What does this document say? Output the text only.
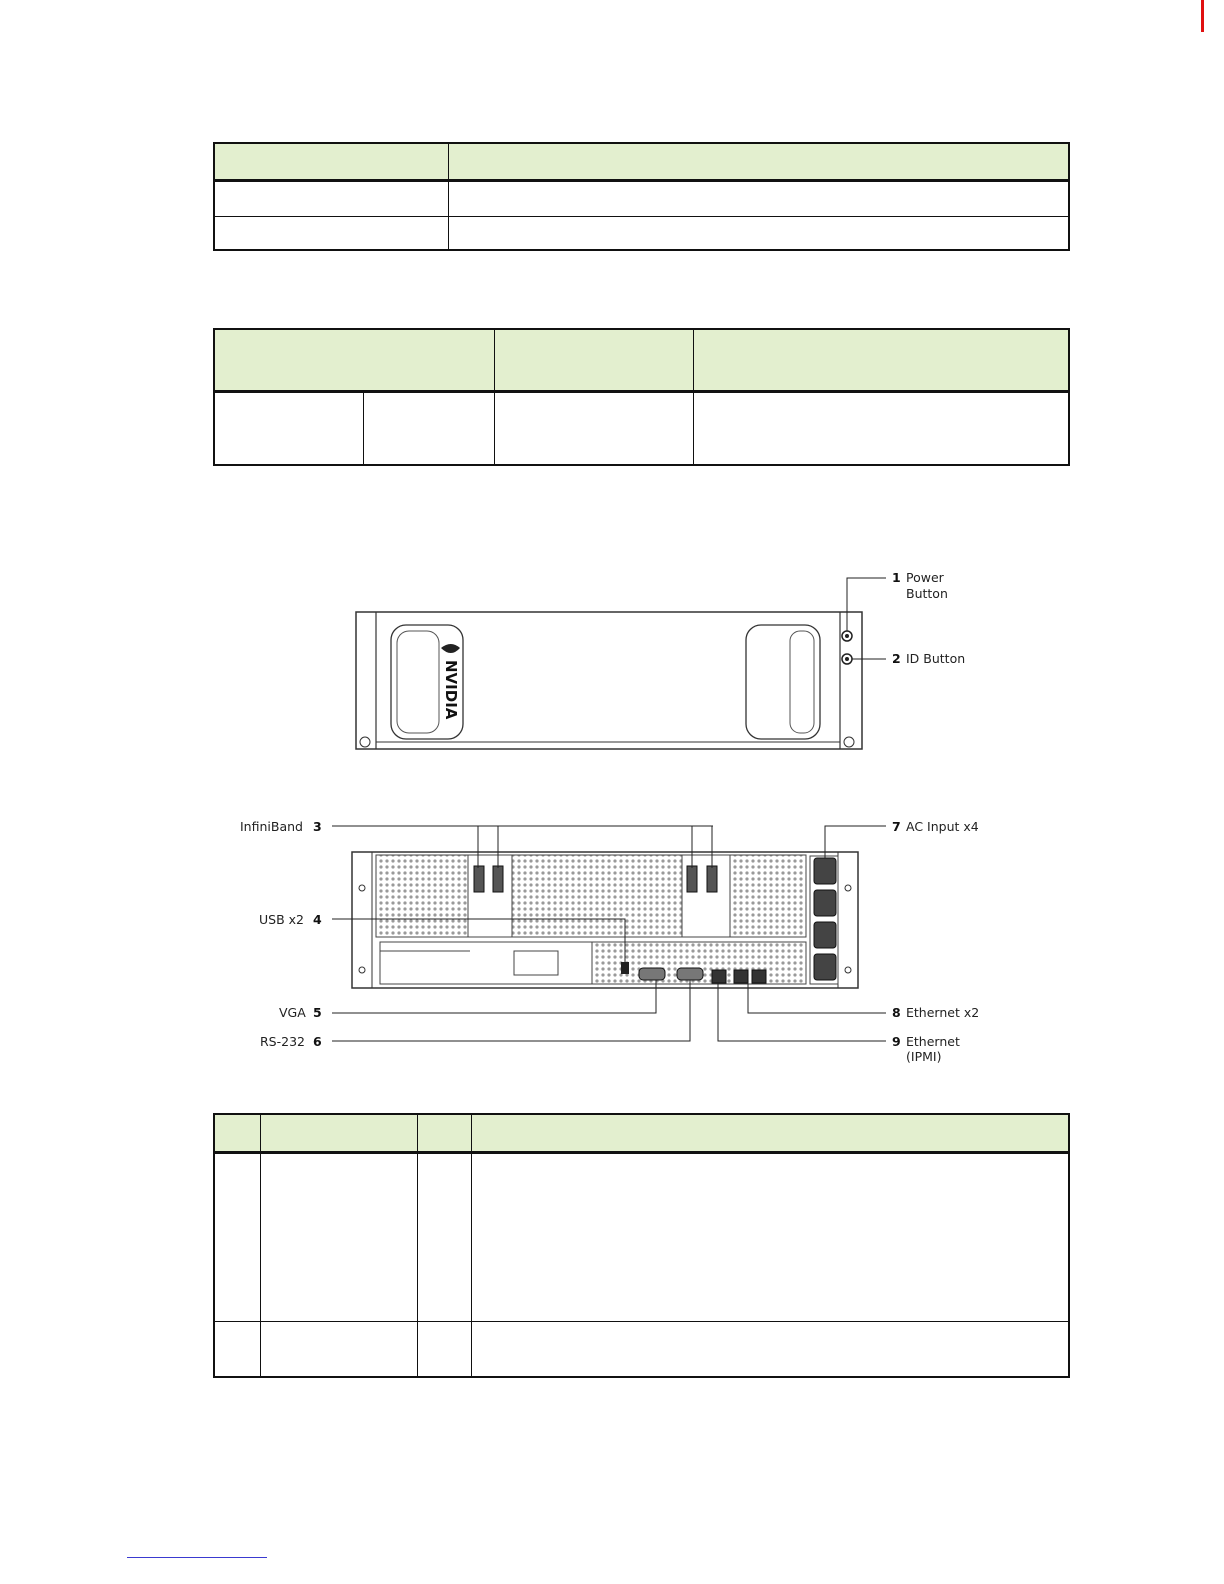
NVIDIA
1 Power
Button
2 ID Button
InfiniBand 3
USB x2 4
VGA 5
RS-232 6
7 AC Input x4
8 Ethernet x2
9 Ethernet
(IPMI)
